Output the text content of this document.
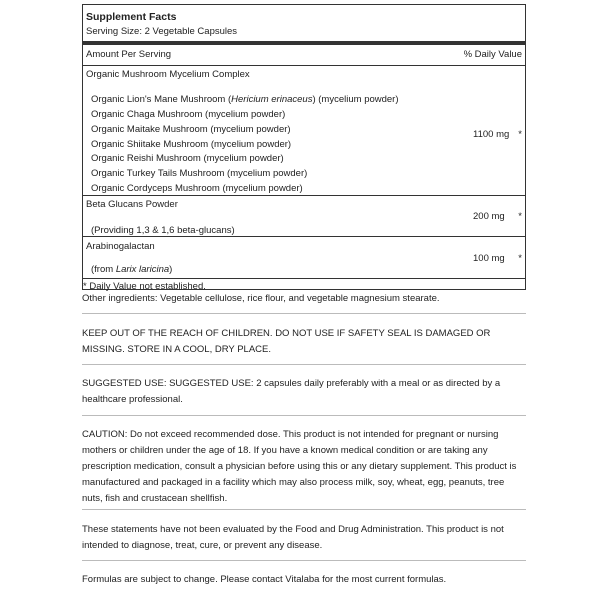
Supplement Facts
Serving Size: 2 Vegetable Capsules
Amount Per Serving	% Daily Value
Organic Mushroom Mycelium Complex
Organic Lion's Mane Mushroom (Hericium erinaceus) (mycelium powder)
Organic Chaga Mushroom (mycelium powder)
Organic Maitake Mushroom (mycelium powder)
Organic Shiitake Mushroom (mycelium powder)
Organic Reishi Mushroom (mycelium powder)
Organic Turkey Tails Mushroom (mycelium powder)
Organic Cordyceps Mushroom (mycelium powder)
1100 mg *
Beta Glucans Powder
200 mg *
(Providing 1,3 & 1,6 beta-glucans)
Arabinogalactan
100 mg *
(from Larix laricina)
* Daily Value not established.
Other ingredients: Vegetable cellulose, rice flour, and vegetable magnesium stearate.
KEEP OUT OF THE REACH OF CHILDREN. DO NOT USE IF SAFETY SEAL IS DAMAGED OR MISSING. STORE IN A COOL, DRY PLACE.
SUGGESTED USE: SUGGESTED USE: 2 capsules daily preferably with a meal or as directed by a healthcare professional.
CAUTION: Do not exceed recommended dose. This product is not intended for pregnant or nursing mothers or children under the age of 18. If you have a known medical condition or are taking any prescription medication, consult a physician before using this or any dietary supplement. This product is manufactured and packaged in a facility which may also process milk, soy, wheat, egg, peanuts, tree nuts, fish and crustacean shellfish.
These statements have not been evaluated by the Food and Drug Administration. This product is not intended to diagnose, treat, cure, or prevent any disease.
Formulas are subject to change. Please contact Vitalaba for the most current formulas.
